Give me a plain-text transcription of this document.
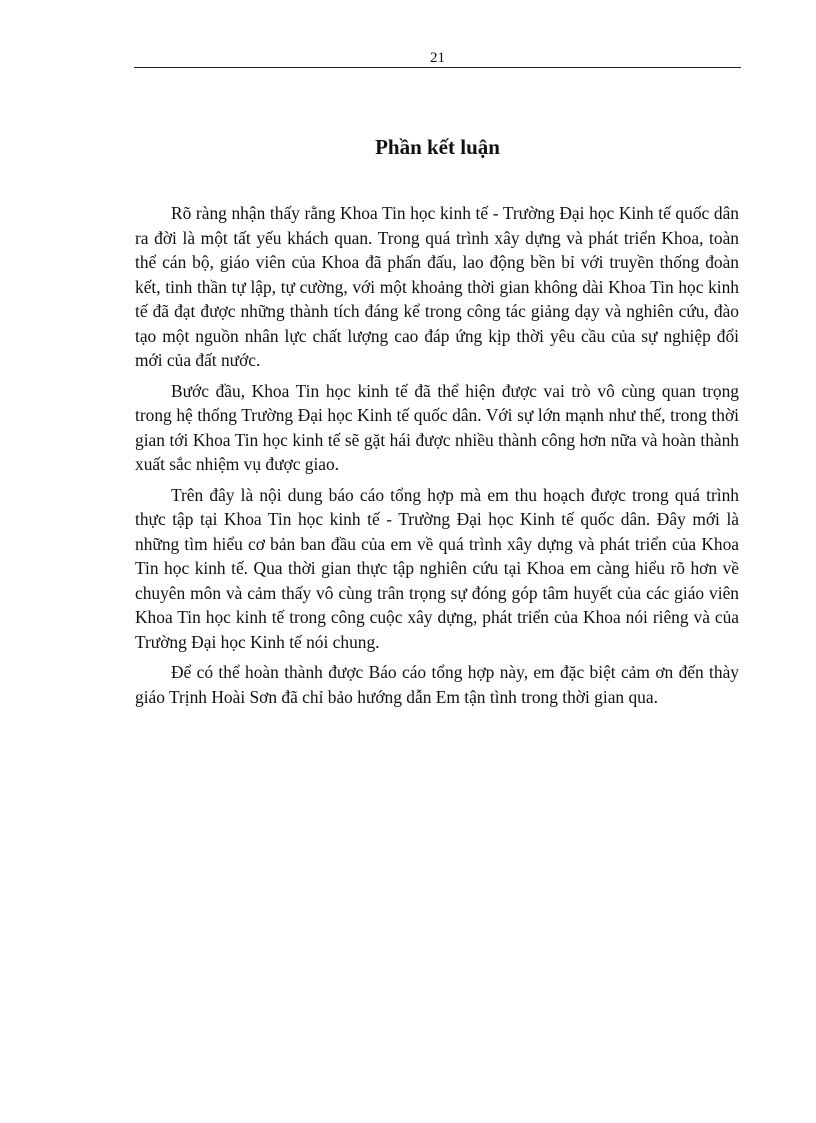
21
Phần kết luận

Rõ ràng nhận thấy rằng Khoa Tin học kinh tế - Trường Đại học Kinh tế quốc dân ra đời là một tất yếu khách quan. Trong quá trình xây dựng và phát triển Khoa, toàn thể cán bộ, giáo viên của Khoa đã phấn đấu, lao động bền bỉ với truyền thống đoàn kết, tinh thần tự lập, tự cường, với một khoảng thời gian không dài Khoa Tin học kinh tế đã đạt được những thành tích đáng kể trong công tác giảng dạy và nghiên cứu, đào tạo một nguồn nhân lực chất lượng cao đáp ứng kịp thời yêu cầu của sự nghiệp đổi mới của đất nước.

Bước đầu, Khoa Tin học kinh tế đã thể hiện được vai trò vô cùng quan trọng trong hệ thống Trường Đại học Kinh tế quốc dân. Với sự lớn mạnh như thế, trong thời gian tới Khoa Tin học kinh tế sẽ gặt hái được nhiều thành công hơn nữa và hoàn thành xuất sắc nhiệm vụ được giao.

Trên đây là nội dung báo cáo tổng hợp mà em thu hoạch được trong quá trình thực tập tại Khoa Tin học kinh tế - Trường Đại học Kinh tế quốc dân. Đây mới là những tìm hiểu cơ bản ban đầu của em về quá trình xây dựng và phát triển của Khoa Tin học kinh tế. Qua thời gian thực tập nghiên cứu tại Khoa em càng hiểu rõ hơn về chuyên môn và cảm thấy vô cùng trân trọng sự đóng góp tâm huyết của các giáo viên Khoa Tin học kinh tế trong công cuộc xây dựng, phát triển của Khoa nói riêng và của Trường Đại học Kinh tế nói chung.

Để có thể hoàn thành được Báo cáo tổng hợp này, em đặc biệt cảm ơn đến thày giáo Trịnh Hoài Sơn đã chỉ bảo hướng dẫn Em tận tình trong thời gian qua.
